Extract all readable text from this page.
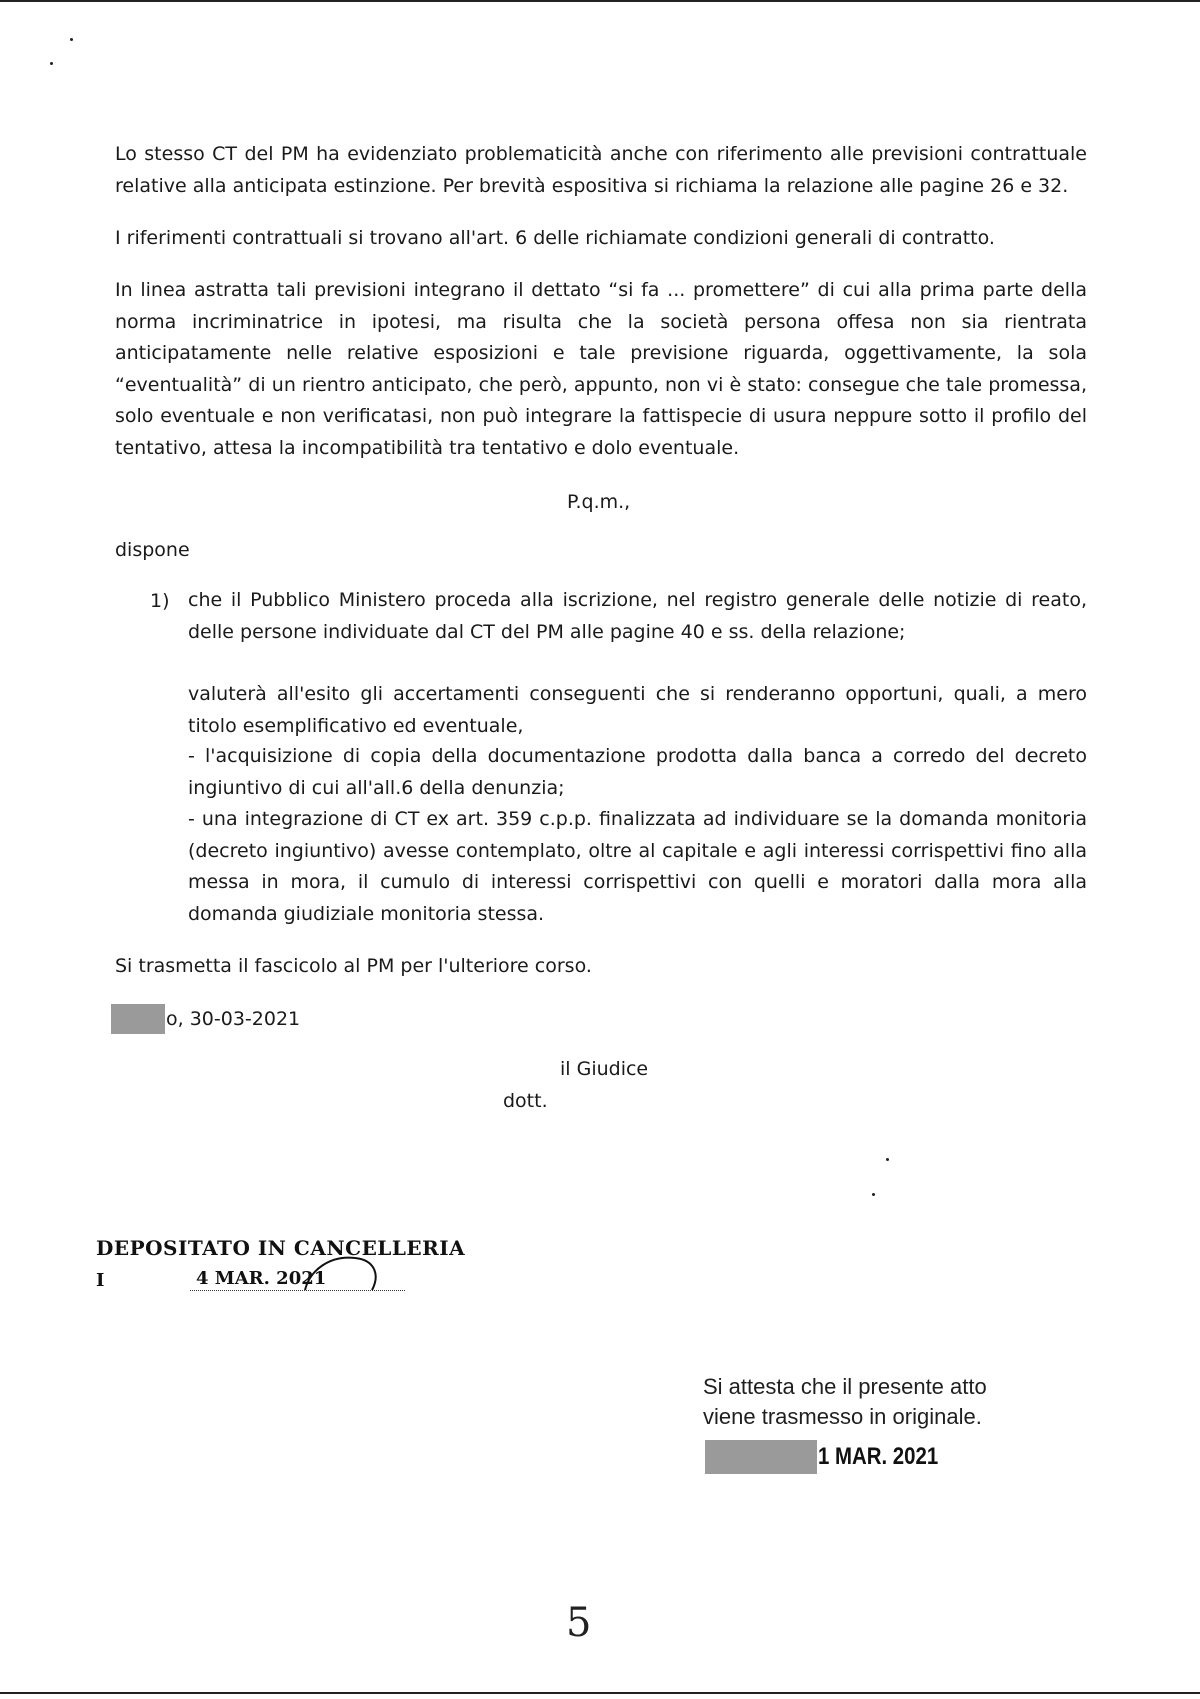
Lo stesso CT del PM ha evidenziato problematicità anche con riferimento alle previsioni contrattuale relative alla anticipata estinzione. Per brevità espositiva si richiama la relazione alle pagine 26 e 32.

I riferimenti contrattuali si trovano all'art. 6 delle richiamate condizioni generali di contratto.

In linea astratta tali previsioni integrano il dettato “si fa ... promettere” di cui alla prima parte della norma incriminatrice in ipotesi, ma risulta che la società persona offesa non sia rientrata anticipatamente nelle relative esposizioni e tale previsione riguarda, oggettivamente, la sola “eventualità” di un rientro anticipato, che però, appunto, non vi è stato: consegue che tale promessa, solo eventuale e non verificatasi, non può integrare la fattispecie di usura neppure sotto il profilo del tentativo, attesa la incompatibilità tra tentativo e dolo eventuale.

P.q.m.,

dispone

1) che il Pubblico Ministero proceda alla iscrizione, nel registro generale delle notizie di reato, delle persone individuate dal CT del PM alle pagine 40 e ss. della relazione;

valuterà all'esito gli accertamenti conseguenti che si renderanno opportuni, quali, a mero titolo esemplificativo ed eventuale,

- l'acquisizione di copia della documentazione prodotta dalla banca a corredo del decreto ingiuntivo di cui all'all.6 della denunzia;

- una integrazione di CT ex art. 359 c.p.p. finalizzata ad individuare se la domanda monitoria (decreto ingiuntivo) avesse contemplato, oltre al capitale e agli interessi corrispettivi fino alla messa in mora, il cumulo di interessi corrispettivi con quelli e moratori dalla mora alla domanda giudiziale monitoria stessa.

Si trasmetta il fascicolo al PM per l'ulteriore corso.

o, 30-03-2021

il Giudice

dott.

DEPOSITATO IN CANCELLERIA
I	4 MAR. 2021
Si attesta che il presente atto
viene trasmesso in originale.
1 MAR. 2021
5
